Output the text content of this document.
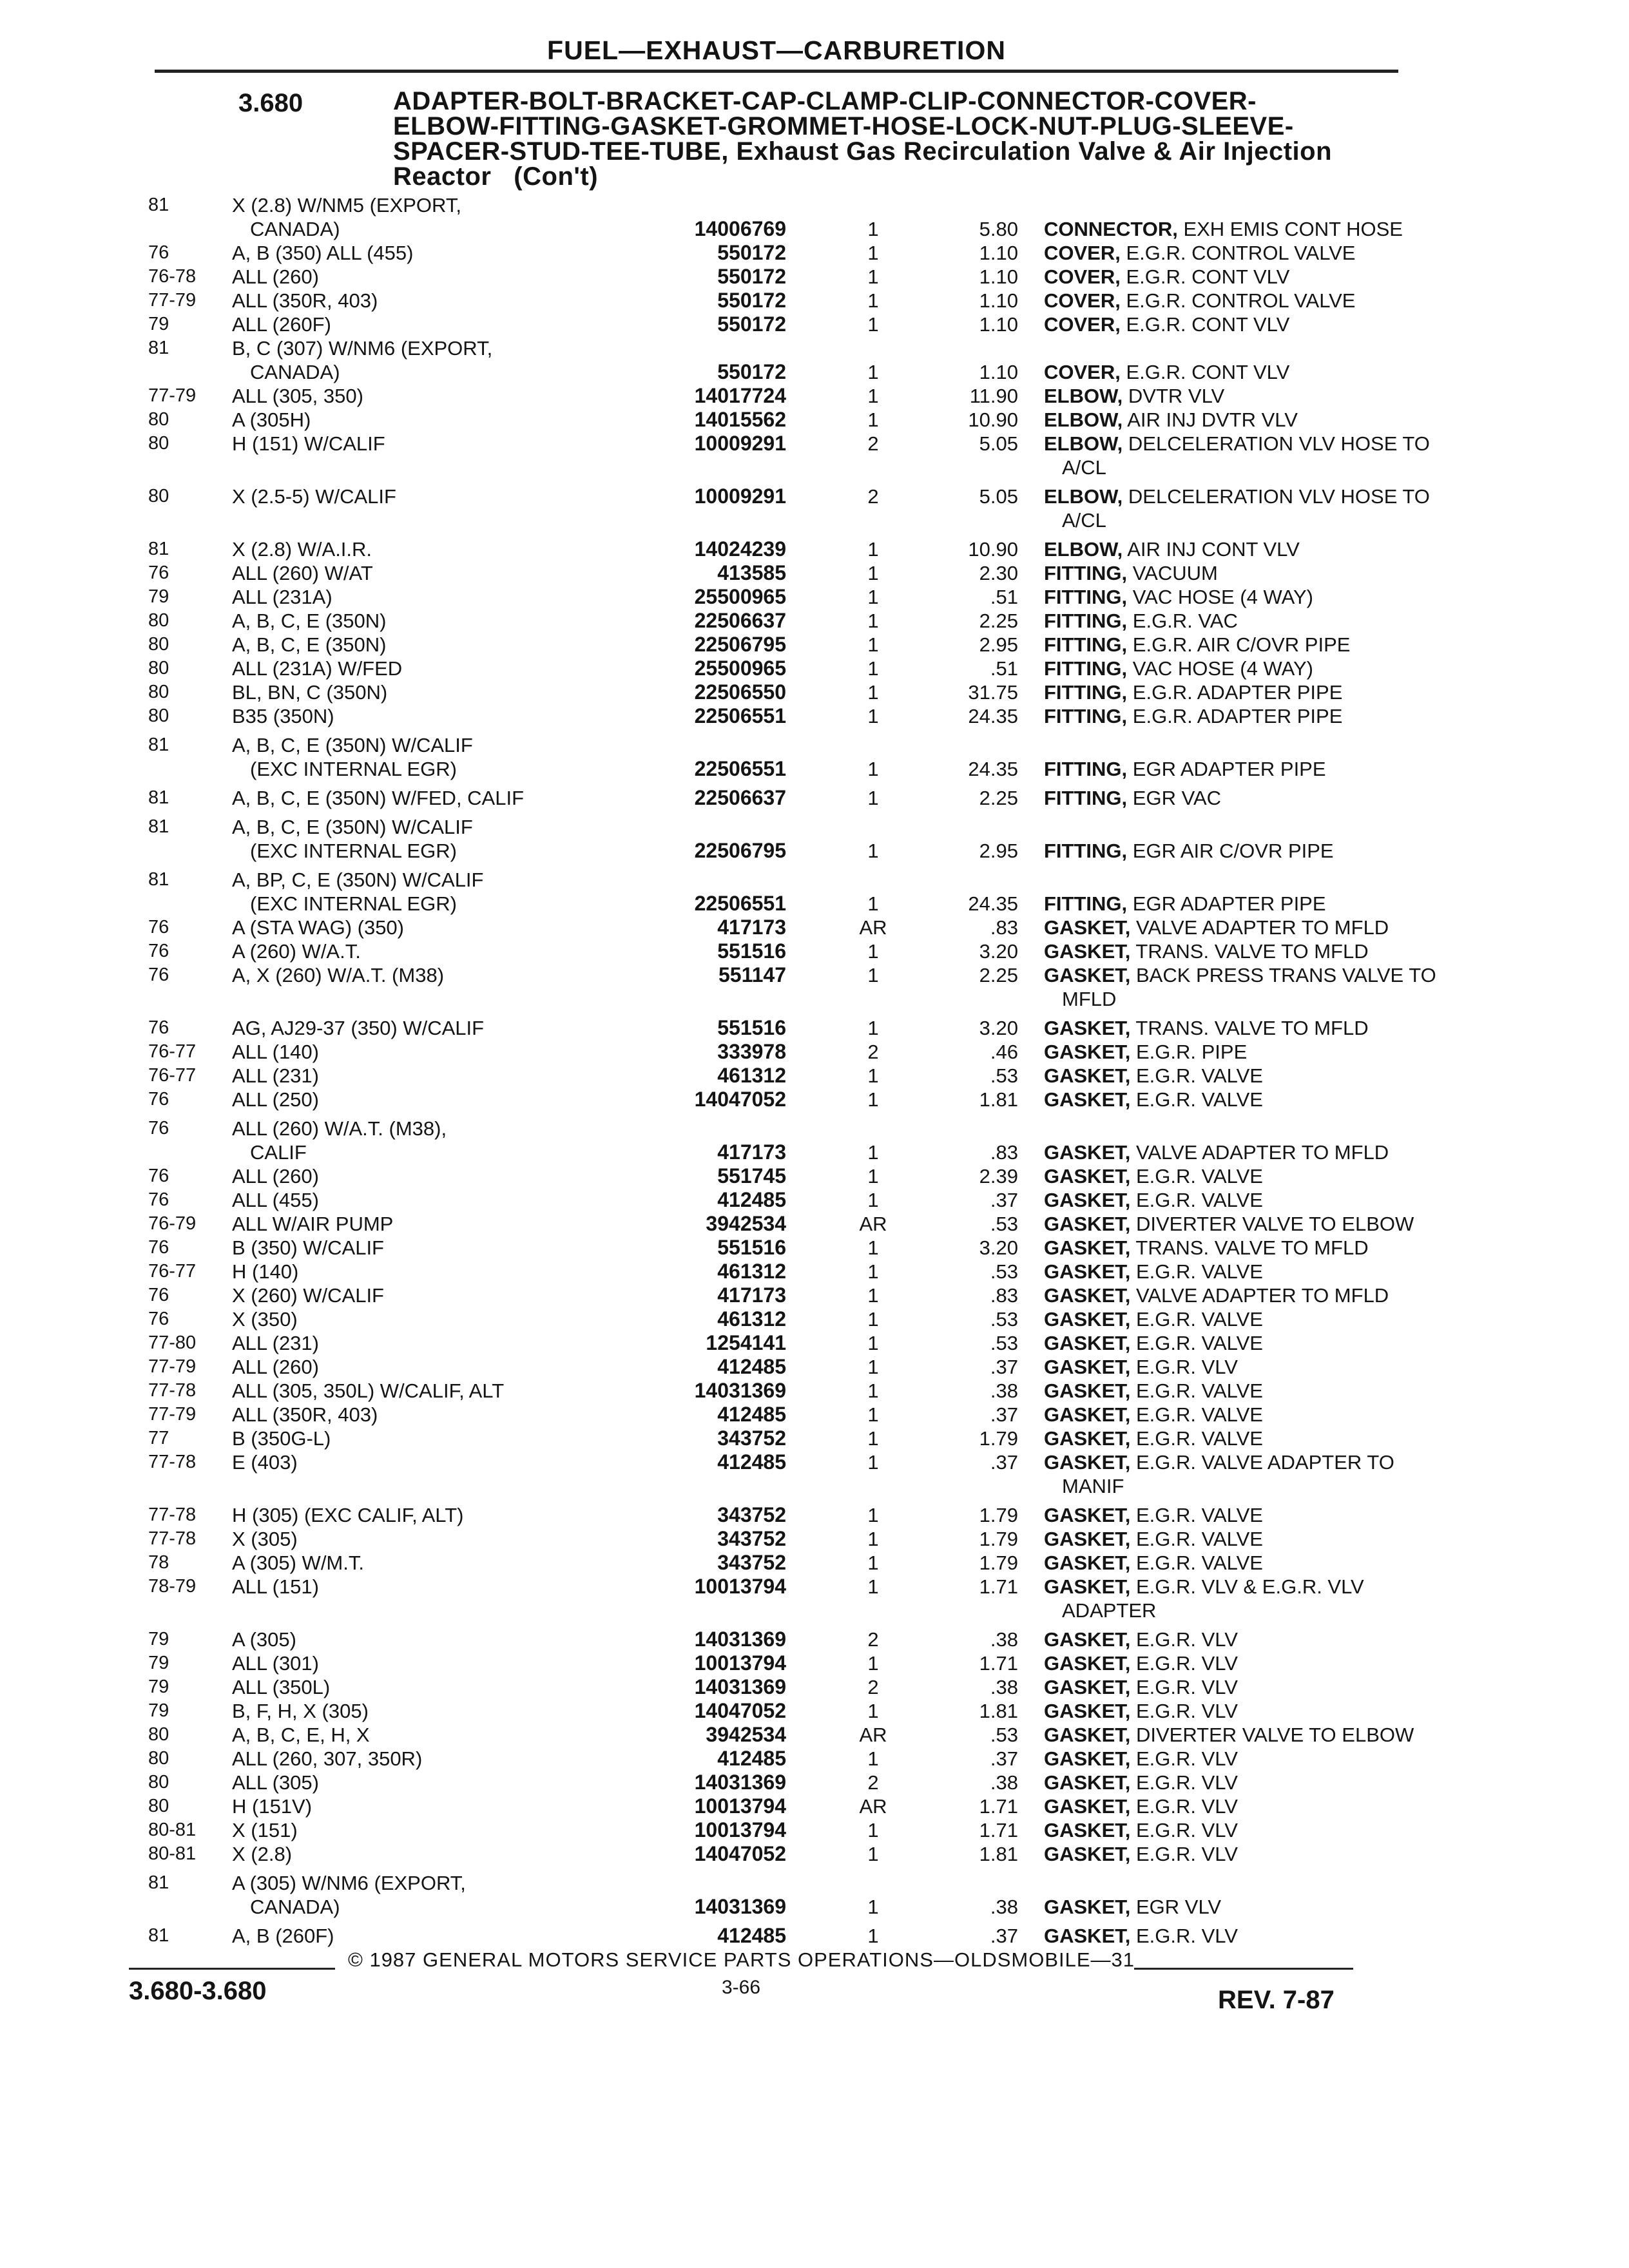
FUEL—EXHAUST—CARBURETION
3.680	ADAPTER-BOLT-BRACKET-CAP-CLAMP-CLIP-CONNECTOR-COVER-ELBOW-FITTING-GASKET-GROMMET-HOSE-LOCK-NUT-PLUG-SLEEVE-SPACER-STUD-TEE-TUBE, Exhaust Gas Recirculation Valve & Air Injection Reactor (Con't)
81	X (2.8) W/NM5 (EXPORT,
CANADA)	14006769	1	5.80 CONNECTOR, EXH EMIS CONT HOSE
76	A, B (350) ALL (455)	550172	1	1.10 COVER, E.G.R. CONTROL VALVE
76-78	ALL (260)	550172	1	1.10 COVER, E.G.R. CONT VLV
77-79	ALL (350R, 403)	550172	1	1.10 COVER, E.G.R. CONTROL VALVE
79	ALL (260F)	550172	1	1.10 COVER, E.G.R. CONT VLV
81	B, C (307) W/NM6 (EXPORT,
CANADA)	550172	1	1.10 COVER, E.G.R. CONT VLV
77-79	ALL (305, 350)	14017724	1	11.90 ELBOW, DVTR VLV
80	A (305H)	14015562	1	10.90 ELBOW, AIR INJ DVTR VLV
80	H (151) W/CALIF	10009291	2	5.05 ELBOW, DELCELERATION VLV HOSE TO
A/CL
80	X (2.5-5) W/CALIF	10009291	2	5.05 ELBOW, DELCELERATION VLV HOSE TO
A/CL
81	X (2.8) W/A.I.R.	14024239	1	10.90 ELBOW, AIR INJ CONT VLV
76	ALL (260) W/AT	413585	1	2.30 FITTING, VACUUM
79	ALL (231A)	25500965	1	.51 FITTING, VAC HOSE (4 WAY)
80	A, B, C, E (350N)	22506637	1	2.25 FITTING, E.G.R. VAC
80	A, B, C, E (350N)	22506795	1	2.95 FITTING, E.G.R. AIR C/OVR PIPE
80	ALL (231A) W/FED	25500965	1	.51 FITTING, VAC HOSE (4 WAY)
80	BL, BN, C (350N)	22506550	1	31.75 FITTING, E.G.R. ADAPTER PIPE
80	B35 (350N)	22506551	1	24.35 FITTING, E.G.R. ADAPTER PIPE
81	A, B, C, E (350N) W/CALIF
(EXC INTERNAL EGR)	22506551	1	24.35 FITTING, EGR ADAPTER PIPE
81	A, B, C, E (350N) W/FED, CALIF	22506637	1	2.25 FITTING, EGR VAC
81	A, B, C, E (350N) W/CALIF
(EXC INTERNAL EGR)	22506795	1	2.95 FITTING, EGR AIR C/OVR PIPE
81	A, BP, C, E (350N) W/CALIF
(EXC INTERNAL EGR)	22506551	1	24.35 FITTING, EGR ADAPTER PIPE
76	A (STA WAG) (350)	417173	AR	.83 GASKET, VALVE ADAPTER TO MFLD
76	A (260) W/A.T.	551516	1	3.20 GASKET, TRANS. VALVE TO MFLD
76	A, X (260) W/A.T. (M38)	551147	1	2.25 GASKET, BACK PRESS TRANS VALVE TO
MFLD
76	AG, AJ29-37 (350) W/CALIF	551516	1	3.20 GASKET, TRANS. VALVE TO MFLD
76-77	ALL (140)	333978	2	.46 GASKET, E.G.R. PIPE
76-77	ALL (231)	461312	1	.53 GASKET, E.G.R. VALVE
76	ALL (250)	14047052	1	1.81 GASKET, E.G.R. VALVE
76	ALL (260) W/A.T. (M38),
CALIF	417173	1	.83 GASKET, VALVE ADAPTER TO MFLD
76	ALL (260)	551745	1	2.39 GASKET, E.G.R. VALVE
76	ALL (455)	412485	1	.37 GASKET, E.G.R. VALVE
76-79	ALL W/AIR PUMP	3942534	AR	.53 GASKET, DIVERTER VALVE TO ELBOW
76	B (350) W/CALIF	551516	1	3.20 GASKET, TRANS. VALVE TO MFLD
76-77	H (140)	461312	1	.53 GASKET, E.G.R. VALVE
76	X (260) W/CALIF	417173	1	.83 GASKET, VALVE ADAPTER TO MFLD
76	X (350)	461312	1	.53 GASKET, E.G.R. VALVE
77-80	ALL (231)	1254141	1	.53 GASKET, E.G.R. VALVE
77-79	ALL (260)	412485	1	.37 GASKET, E.G.R. VLV
77-78	ALL (305, 350L) W/CALIF, ALT	14031369	1	.38 GASKET, E.G.R. VALVE
77-79	ALL (350R, 403)	412485	1	.37 GASKET, E.G.R. VALVE
77	B (350G-L)	343752	1	1.79 GASKET, E.G.R. VALVE
77-78	E (403)	412485	1	.37 GASKET, E.G.R. VALVE ADAPTER TO
MANIF
77-78	H (305) (EXC CALIF, ALT)	343752	1	1.79 GASKET, E.G.R. VALVE
77-78	X (305)	343752	1	1.79 GASKET, E.G.R. VALVE
78	A (305) W/M.T.	343752	1	1.79 GASKET, E.G.R. VALVE
78-79	ALL (151)	10013794	1	1.71 GASKET, E.G.R. VLV & E.G.R. VLV
ADAPTER
79	A (305)	14031369	2	.38 GASKET, E.G.R. VLV
79	ALL (301)	10013794	1	1.71 GASKET, E.G.R. VLV
79	ALL (350L)	14031369	2	.38 GASKET, E.G.R. VLV
79	B, F, H, X (305)	14047052	1	1.81 GASKET, E.G.R. VLV
80	A, B, C, E, H, X	3942534	AR	.53 GASKET, DIVERTER VALVE TO ELBOW
80	ALL (260, 307, 350R)	412485	1	.37 GASKET, E.G.R. VLV
80	ALL (305)	14031369	2	.38 GASKET, E.G.R. VLV
80	H (151V)	10013794	AR	1.71 GASKET, E.G.R. VLV
80-81	X (151)	10013794	1	1.71 GASKET, E.G.R. VLV
80-81	X (2.8)	14047052	1	1.81 GASKET, E.G.R. VLV
81	A (305) W/NM6 (EXPORT,
CANADA)	14031369	1	.38 GASKET, EGR VLV
81	A, B (260F)	412485	1	.37 GASKET, E.G.R. VLV
© 1987 GENERAL MOTORS SERVICE PARTS OPERATIONS—OLDSMOBILE—31
3.680-3.680	3-66	REV. 7-87
